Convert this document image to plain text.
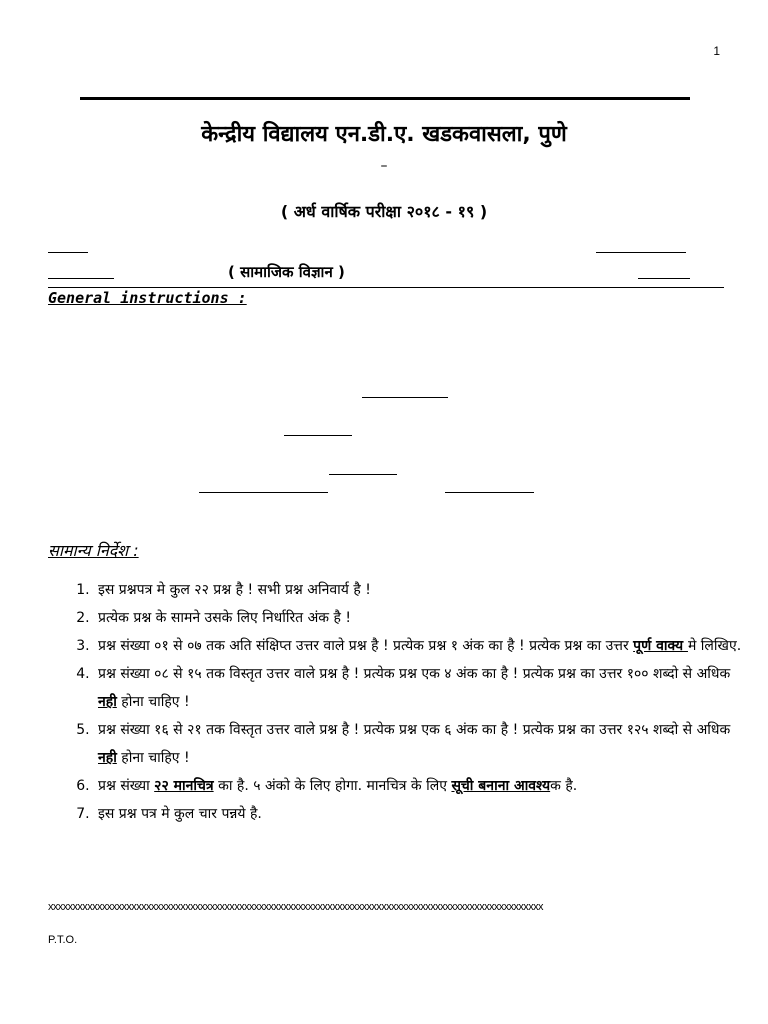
1
केन्द्रीय विद्यालय एन.डी.ए. खडकवासला, पुणे
–
( अर्ध वार्षिक परीक्षा २०१८ - १९ )
( सामाजिक विज्ञान )
General instructions :
सामान्य निर्देश :
1. इस प्रश्नपत्र मे कुल २२ प्रश्न है ! सभी प्रश्न अनिवार्य है !
2. प्रत्येक प्रश्न के सामने उसके लिए निर्धारित अंक है !
3. प्रश्न संख्या ०१ से ०७ तक अति संक्षिप्त उत्तर वाले प्रश्न है ! प्रत्येक प्रश्न १ अंक का है ! प्रत्येक प्रश्न का उत्तर पूर्ण वाक्य मे लिखिए.
4. प्रश्न संख्या ०८ से १५ तक विस्तृत उत्तर वाले प्रश्न है ! प्रत्येक प्रश्न एक ४ अंक का है ! प्रत्येक प्रश्न का उत्तर १०० शब्दो से अधिक नही होना चाहिए !
5. प्रश्न संख्या १६ से २१ तक विस्तृत उत्तर वाले प्रश्न है ! प्रत्येक प्रश्न एक ६ अंक का है ! प्रत्येक प्रश्न का उत्तर १२५ शब्दो से अधिक नही होना चाहिए !
6. प्रश्न संख्या २२ मानचित्र का है. ५ अंको के लिए होगा. मानचित्र के लिए सूची बनाना आवश्यक है.
7. इस प्रश्न पत्र मे कुल चार पन्नये है.
xxxxxxxxxxxxxxxxxxxxxxxxxxxxxxxxxxxxxxxxxxxxxxxxxxxxxxxxxxxxxxxxxxxxxxxxxxxxxxxxxxxxxxxxxxxxxxxxxxxxx
P.T.O.
